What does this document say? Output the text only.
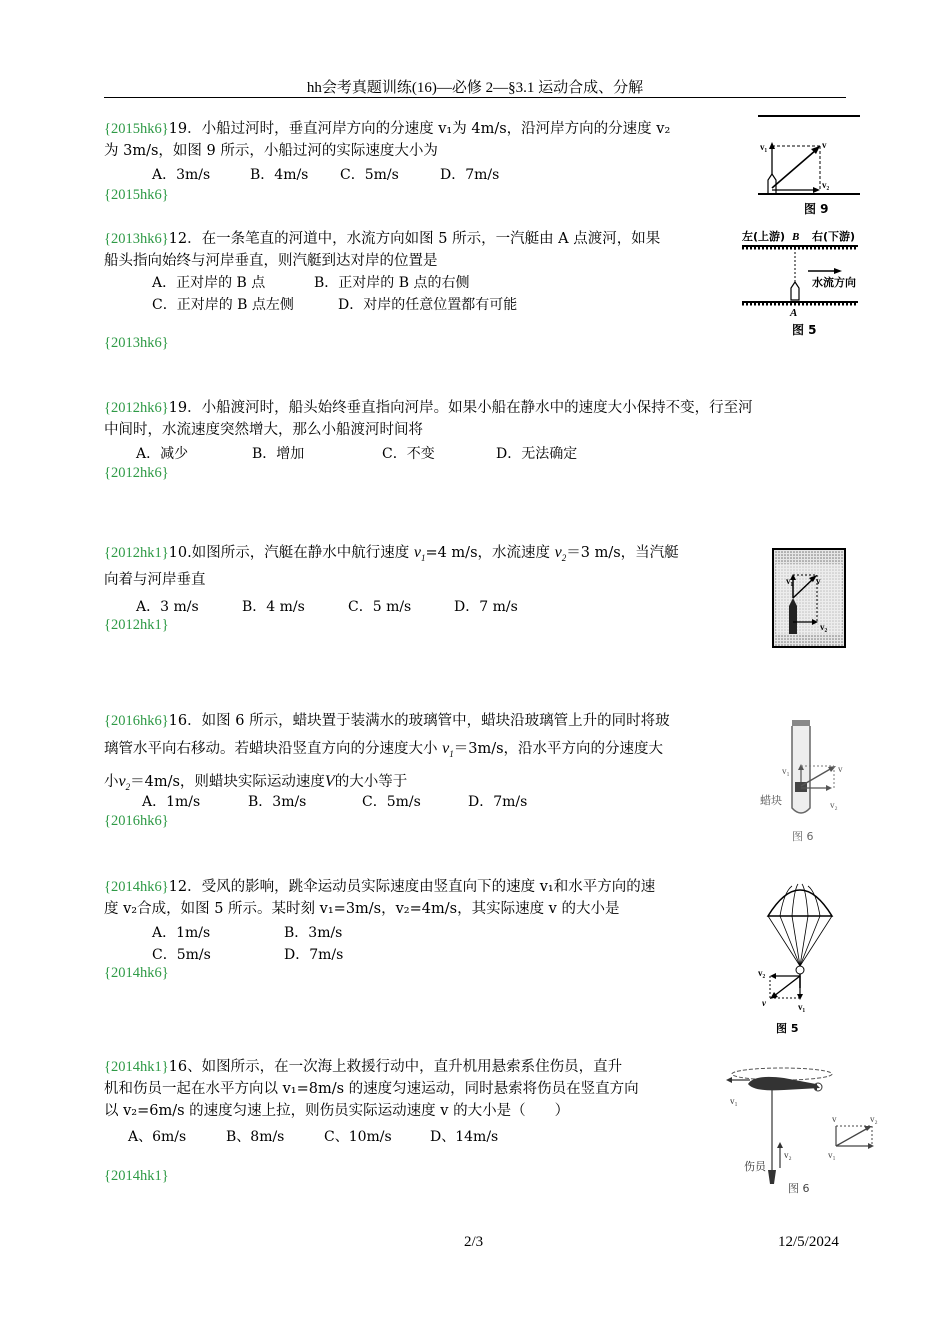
hh会考真题训练(16)—必修 2—§3.1 运动合成、分解
{2015hk6}19．小船过河时，垂直河岸方向的分速度 v₁为 4m/s，沿河岸方向的分速度 v₂
为 3m/s，如图 9 所示，小船过河的实际速度大小为
A．3m/s	B．4m/s C．5m/s	D．7m/s
{2015hk6}
v₁	v
v₂
图 9
{2013hk6}12．在一条笔直的河道中，水流方向如图 5 所示，一汽艇由 A 点渡河，如果
船头指向始终与河岸垂直，则汽艇到达对岸的位置是
A．正对岸的 B 点	B．正对岸的 B 点的右侧
C．正对岸的 B 点左侧	D．对岸的任意位置都有可能
{2013hk6}
左(上游) B 右(下游)
水流方向
A
图 5
{2012hk6}19．小船渡河时，船头始终垂直指向河岸。如果小船在静水中的速度大小保持不变，行至河
中间时，水流速度突然增大，那么小船渡河时间将
A．减少	B．增加	C．不变	D．无法确定
{2012hk6}
{2012hk1}10.如图所示，汽艇在静水中航行速度 $v_1=4$ m/s，水流速度 $v_2=3$ m/s，当汽艇
向着与河岸垂直
A．3 m/s	B．4 m/s	C．5 m/s	D．7 m/s
{2012hk1}
v₁	v
v₂
{2016hk6}16．如图 6 所示，蜡块置于装满水的玻璃管中，蜡块沿玻璃管上升的同时将玻
璃管水平向右移动。若蜡块沿竖直方向的分速度大小 $v_1=3m/s$，沿水平方向的分速度大
小$v_2=4m/s$，则蜡块实际运动速度V的大小等于
A．1m/s	B．3m/s	C．5m/s	D．7m/s
{2016hk6}
v₁	v
v₂
蜡块
图 6
{2014hk6}12．受风的影响，跳伞运动员实际速度由竖直向下的速度 v₁和水平方向的速
度 v₂合成，如图 5 所示。某时刻 v₁=3m/s，v₂=4m/s，其实际速度 v 的大小是
A．1m/s	B．3m/s
C．5m/s	D．7m/s
{2014hk6}	v₂
v	v₁
图 5
{2014hk1}16、如图所示，在一次海上救援行动中，直升机用悬索系住伤员，直升
机和伤员一起在水平方向以 v₁=8m/s 的速度匀速运动，同时悬索将伤员在竖直方向
以 v₂=6m/s 的速度匀速上拉，则伤员实际运动速度 v 的大小是（　　）
A、6m/s	B、8m/s	C、10m/s	D、14m/s
{2014hk1}
v₁
v₂
伤员
v	v₂
v₁
图 6
2/3	12/5/2024
